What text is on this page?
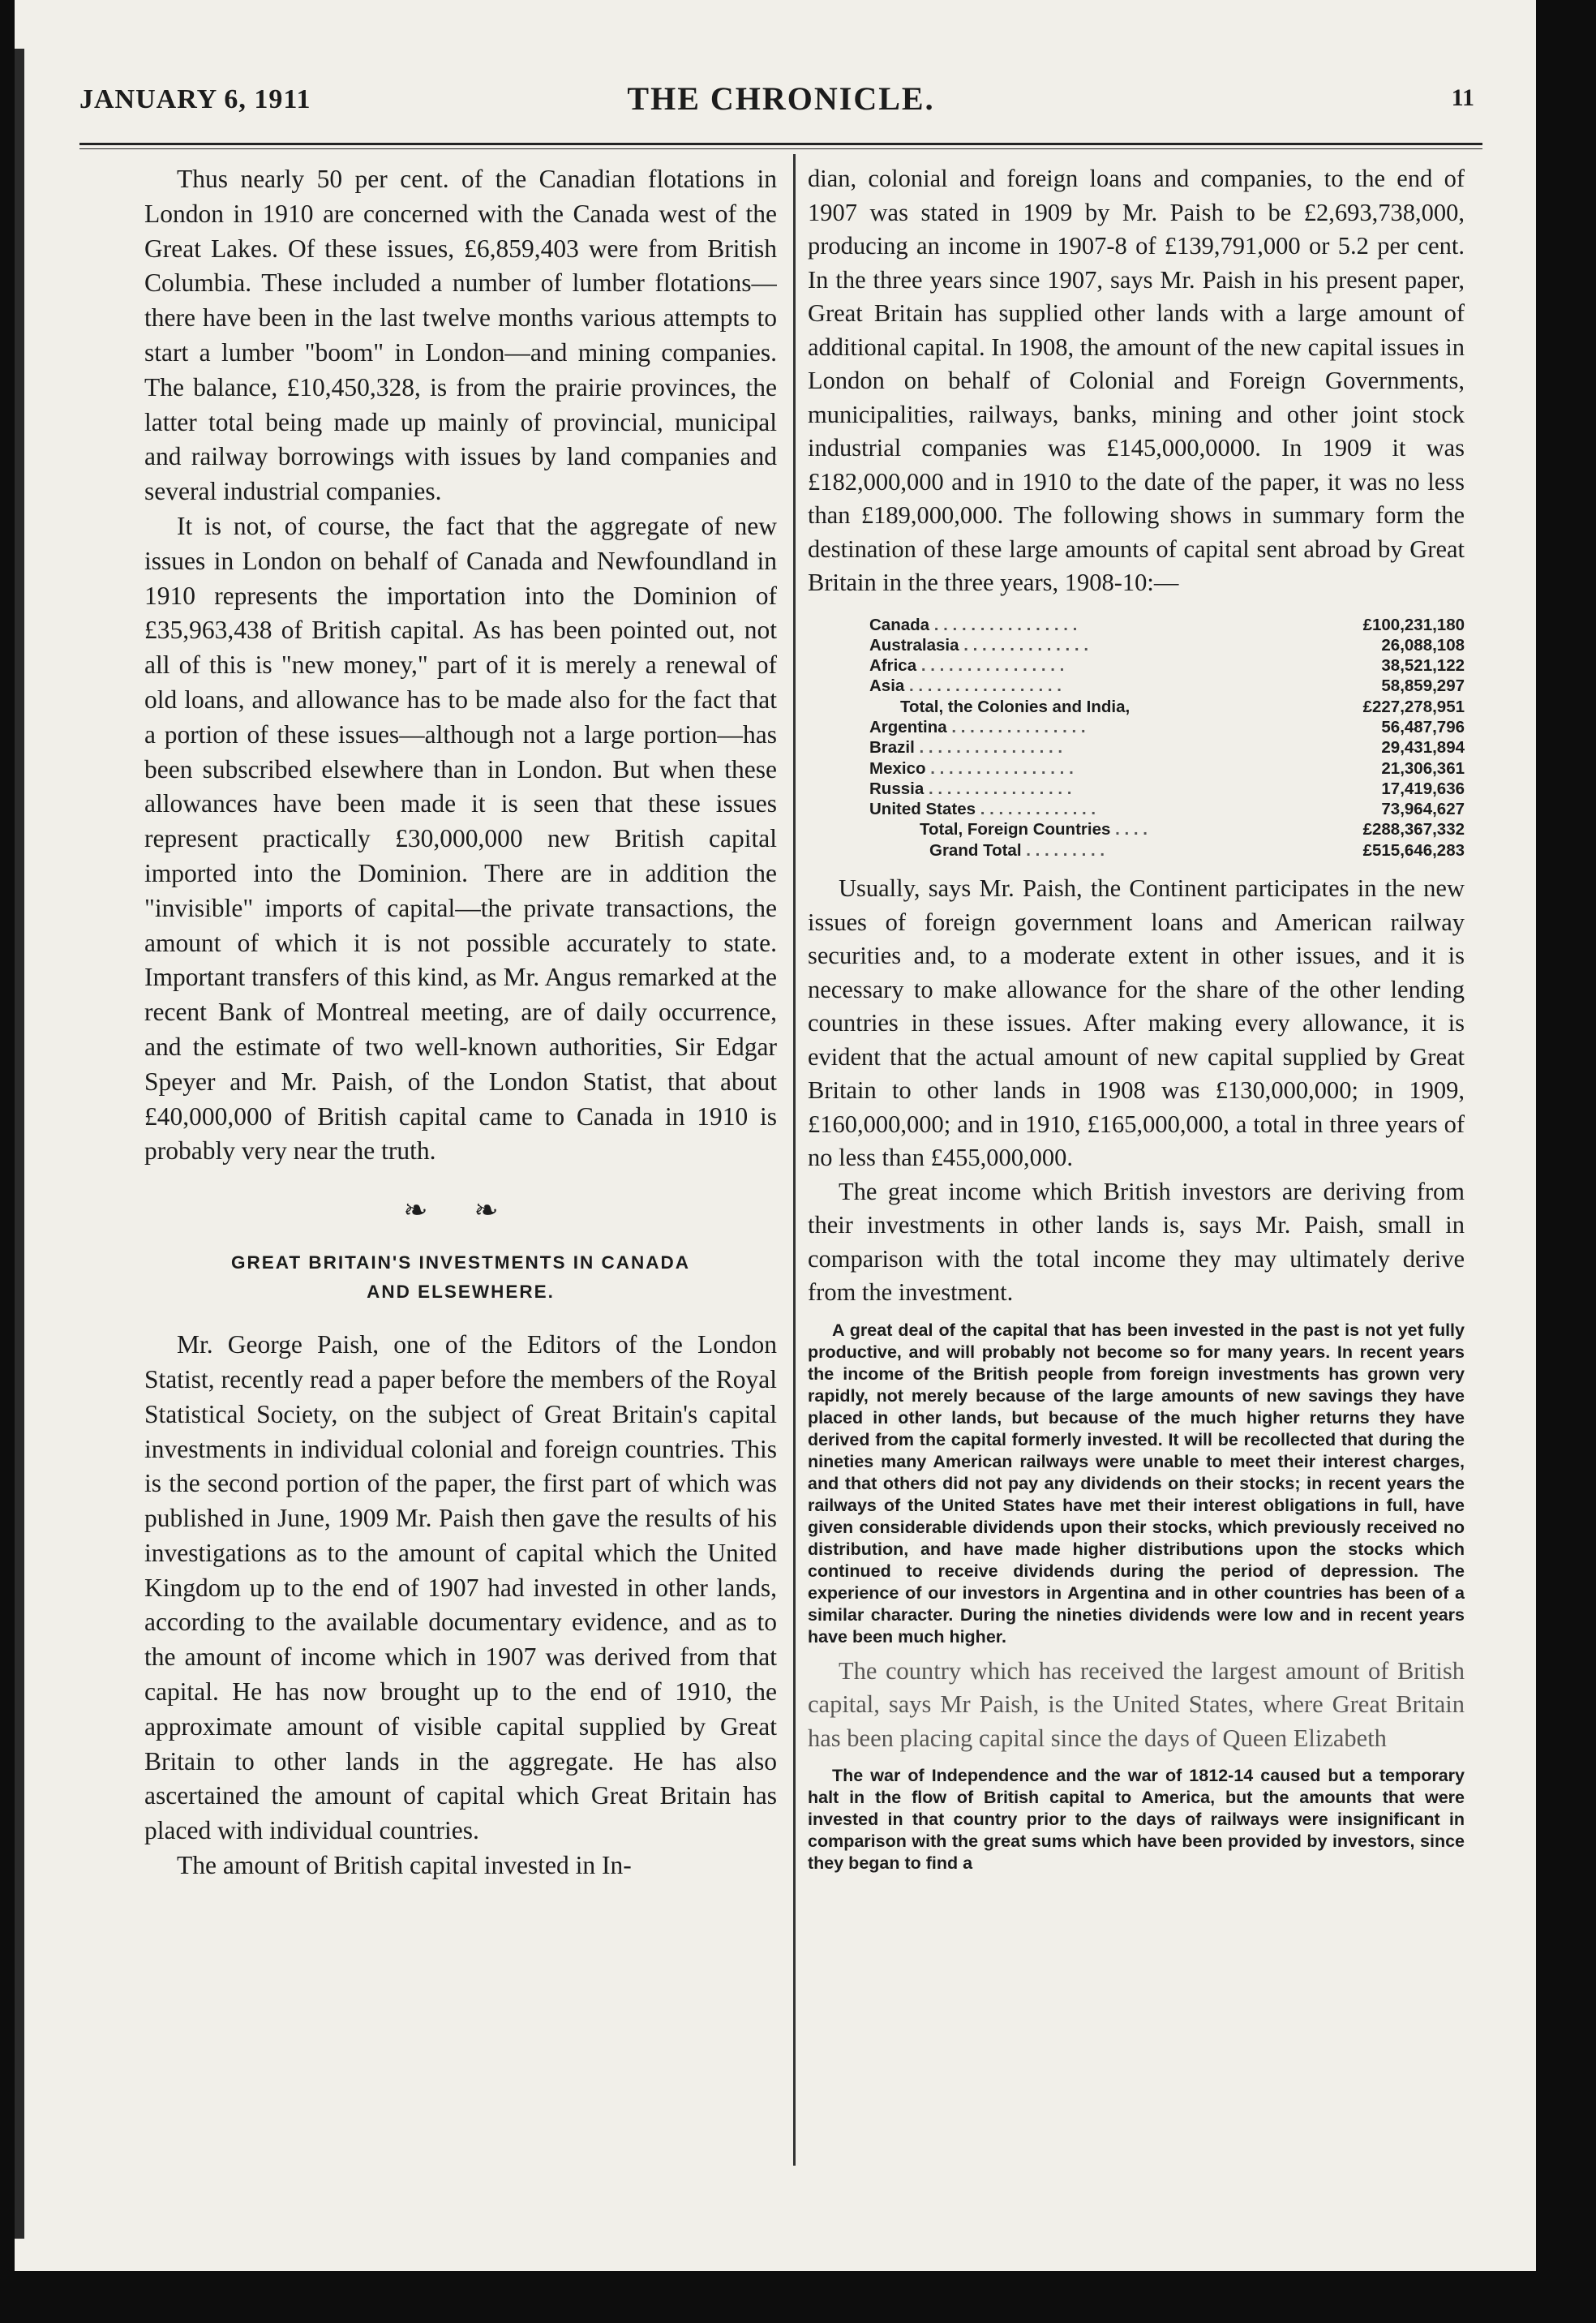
JANUARY 6, 1911	THE CHRONICLE.	11

Thus nearly 50 per cent. of the Canadian flotations in London in 1910 are concerned with the Canada west of the Great Lakes. Of these issues, £6,859,403 were from British Columbia. These included a number of lumber flotations—there have been in the last twelve months various attempts to start a lumber "boom" in London—and mining companies. The balance, £10,450,328, is from the prairie provinces, the latter total being made up mainly of provincial, municipal and railway borrowings with issues by land companies and several industrial companies.

It is not, of course, the fact that the aggregate of new issues in London on behalf of Canada and Newfoundland in 1910 represents the importation into the Dominion of £35,963,438 of British capital. As has been pointed out, not all of this is "new money," part of it is merely a renewal of old loans, and allowance has to be made also for the fact that a portion of these issues—although not a large portion—has been subscribed elsewhere than in London. But when these allowances have been made it is seen that these issues represent practically £30,000,000 new British capital imported into the Dominion. There are in addition the "invisible" imports of capital—the private transactions, the amount of which it is not possible accurately to state. Important transfers of this kind, as Mr. Angus remarked at the recent Bank of Montreal meeting, are of daily occurrence, and the estimate of two well-known authorities, Sir Edgar Speyer and Mr. Paish, of the London Statist, that about £40,000,000 of British capital came to Canada in 1910 is probably very near the truth.

❧ ❧
GREAT BRITAIN'S INVESTMENTS IN CANADA
AND ELSEWHERE.

Mr. George Paish, one of the Editors of the London Statist, recently read a paper before the members of the Royal Statistical Society, on the subject of Great Britain's capital investments in individual colonial and foreign countries. This is the second portion of the paper, the first part of which was published in June, 1909 Mr. Paish then gave the results of his investigations as to the amount of capital which the United Kingdom up to the end of 1907 had invested in other lands, according to the available documentary evidence, and as to the amount of income which in 1907 was derived from that capital. He has now brought up to the end of 1910, the approximate amount of visible capital supplied by Great Britain to other lands in the aggregate. He has also ascertained the amount of capital which Great Britain has placed with individual countries.

The amount of British capital invested in In-

dian, colonial and foreign loans and companies, to the end of 1907 was stated in 1909 by Mr. Paish to be £2,693,738,000, producing an income in 1907-8 of £139,791,000 or 5.2 per cent. In the three years since 1907, says Mr. Paish in his present paper, Great Britain has supplied other lands with a large amount of additional capital. In 1908, the amount of the new capital issues in London on behalf of Colonial and Foreign Governments, municipalities, railways, banks, mining and other joint stock industrial companies was £145,000,0000. In 1909 it was £182,000,000 and in 1910 to the date of the paper, it was no less than £189,000,000. The following shows in summary form the destination of these large amounts of capital sent abroad by Great Britain in the three years, 1908-10:—

Canada . . . . . . . . . . . . . . . .	£100,231,180
Australasia . . . . . . . . . . . . . .	26,088,108
Africa . . . . . . . . . . . . . . . .	38,521,122
Asia . . . . . . . . . . . . . . . . .	58,859,297
Total, the Colonies and India,	£227,278,951
Argentina . . . . . . . . . . . . . . .	56,487,796
Brazil . . . . . . . . . . . . . . . .	29,431,894
Mexico . . . . . . . . . . . . . . . .	21,306,361
Russia . . . . . . . . . . . . . . . .	17,419,636
United States . . . . . . . . . . . . .	73,964,627
Total, Foreign Countries . . . .	£288,367,332
Grand Total . . . . . . . . .	£515,646,283

Usually, says Mr. Paish, the Continent participates in the new issues of foreign government loans and American railway securities and, to a moderate extent in other issues, and it is necessary to make allowance for the share of the other lending countries in these issues. After making every allowance, it is evident that the actual amount of new capital supplied by Great Britain to other lands in 1908 was £130,000,000; in 1909, £160,000,000; and in 1910, £165,000,000, a total in three years of no less than £455,000,000.

The great income which British investors are deriving from their investments in other lands is, says Mr. Paish, small in comparison with the total income they may ultimately derive from the investment.

A great deal of the capital that has been invested in the past is not yet fully productive, and will probably not become so for many years. In recent years the income of the British people from foreign investments has grown very rapidly, not merely because of the large amounts of new savings they have placed in other lands, but because of the much higher returns they have derived from the capital formerly invested. It will be recollected that during the nineties many American railways were unable to meet their interest charges, and that others did not pay any dividends on their stocks; in recent years the railways of the United States have met their interest obligations in full, have given considerable dividends upon their stocks, which previously received no distribution, and have made higher distributions upon the stocks which continued to receive dividends during the period of depression. The experience of our investors in Argentina and in other countries has been of a similar character. During the nineties dividends were low and in recent years have been much higher.

The country which has received the largest amount of British capital, says Mr Paish, is the United States, where Great Britain has been placing capital since the days of Queen Elizabeth

The war of Independence and the war of 1812-14 caused but a temporary halt in the flow of British capital to America, but the amounts that were invested in that country prior to the days of railways were insignificant in comparison with the great sums which have been provided by investors, since they began to find a
